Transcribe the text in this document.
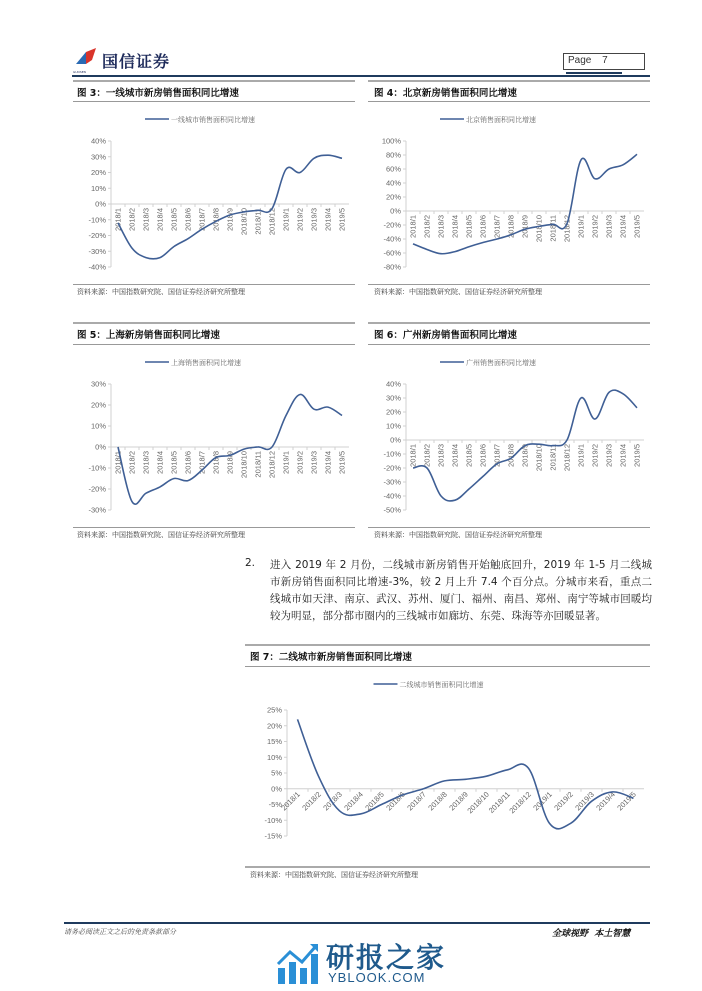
国信证券
GUOSEN
Page 7
图 3：一线城市新房销售面积同比增速
一线城市销售面积同比增速
-40%
-30%
-20%
-10%
0%
10%
20%
30%
40%
2018/1 2018/2 2018/3 2018/4 2018/5 2018/6 2018/7 2018/8 2018/9 2018/10 2018/11 2018/12 2019/1 2019/2 2019/3 2019/4 2019/5
资料来源：中国指数研究院、国信证券经济研究所整理
图 4：北京新房销售面积同比增速
北京销售面积同比增速
-80%
-60%
-40%
-20%
0%
20%
40%
60%
80%
100%
2018/1 2018/2 2018/3 2018/4 2018/5 2018/6 2018/7 2018/8 2018/9 2018/10 2018/11 2018/12 2019/1 2019/2 2019/3 2019/4 2019/5
资料来源：中国指数研究院、国信证券经济研究所整理
图 5：上海新房销售面积同比增速
上海销售面积同比增速
-30%
-20%
-10%
0%
10%
20%
30%
2018/1 2018/2 2018/3 2018/4 2018/5 2018/6 2018/7 2018/8 2018/9 2018/10 2018/11 2018/12 2019/1 2019/2 2019/3 2019/4 2019/5
资料来源：中国指数研究院、国信证券经济研究所整理
图 6：广州新房销售面积同比增速
广州销售面积同比增速
-50%
-40%
-30%
-20%
-10%
0%
10%
20%
30%
40%
2018/1 2018/2 2018/3 2018/4 2018/5 2018/6 2018/7 2018/8 2018/9 2018/10 2018/11 2018/12 2019/1 2019/2 2019/3 2019/4 2019/5
资料来源：中国指数研究院、国信证券经济研究所整理
2. 进入 2019 年 2 月份，二线城市新房销售开始触底回升，2019 年 1-5 月二线城市新房销售面积同比增速-3%，较 2 月上升 7.4 个百分点。分城市来看，重点二线城市如天津、南京、武汉、苏州、厦门、福州、南昌、郑州、南宁等城市回暖均较为明显，部分都市圈内的三线城市如廊坊、东莞、珠海等亦回暖显著。
图 7：二线城市新房销售面积同比增速
二线城市销售面积同比增速
-15%
-10%
-5%
0%
5%
10%
15%
20%
25%
2018/1
2018/2
2018/3
2018/4
2018/5
2018/6
2018/7
2018/8
2018/9
2018/10
2018/11
2018/12
2019/1
2019/2
2019/3
2019/4
2019/5
资料来源：中国指数研究院、国信证券经济研究所整理
请务必阅读正文之后的免责条款部分	全球视野  本土智慧
研报之家
YBLOOK.COM
